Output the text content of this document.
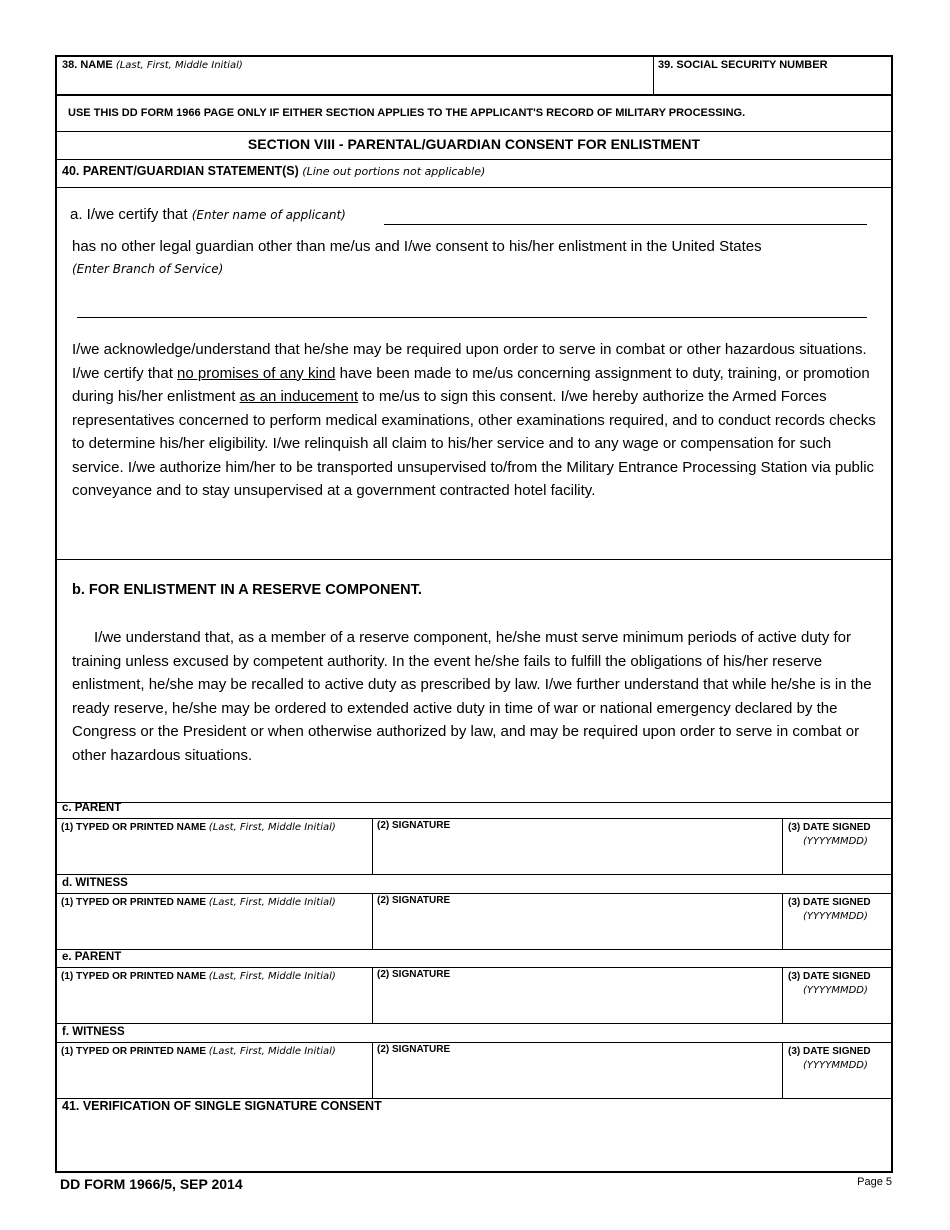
38. NAME (Last, First, Middle Initial)	39. SOCIAL SECURITY NUMBER
USE THIS DD FORM 1966 PAGE ONLY IF EITHER SECTION APPLIES TO THE APPLICANT'S RECORD OF MILITARY PROCESSING.
SECTION VIII - PARENTAL/GUARDIAN CONSENT FOR ENLISTMENT
40. PARENT/GUARDIAN STATEMENT(S) (Line out portions not applicable)
a. I/we certify that (Enter name of applicant)
has no other legal guardian other than me/us and I/we consent to his/her enlistment in the United States
(Enter Branch of Service)
I/we acknowledge/understand that he/she may be required upon order to serve in combat or other hazardous situations. I/we certify that no promises of any kind have been made to me/us concerning assignment to duty, training, or promotion during his/her enlistment as an inducement to me/us to sign this consent. I/we hereby authorize the Armed Forces representatives concerned to perform medical examinations, other examinations required, and to conduct records checks to determine his/her eligibility. I/we relinquish all claim to his/her service and to any wage or compensation for such service. I/we authorize him/her to be transported unsupervised to/from the Military Entrance Processing Station via public conveyance and to stay unsupervised at a government contracted hotel facility.
b. FOR ENLISTMENT IN A RESERVE COMPONENT.
I/we understand that, as a member of a reserve component, he/she must serve minimum periods of active duty for training unless excused by competent authority. In the event he/she fails to fulfill the obligations of his/her reserve enlistment, he/she may be recalled to active duty as prescribed by law. I/we further understand that while he/she is in the ready reserve, he/she may be ordered to extended active duty in time of war or national emergency declared by the Congress or the President or when otherwise authorized by law, and may be required upon order to serve in combat or other hazardous situations.
41. VERIFICATION OF SINGLE SIGNATURE CONSENT
c. PARENT
(1) TYPED OR PRINTED NAME (Last, First, Middle Initial)	(2) SIGNATURE	(3) DATE SIGNED
(YYYYMMDD)
d. WITNESS
(1) TYPED OR PRINTED NAME (Last, First, Middle Initial)	(2) SIGNATURE	(3) DATE SIGNED
(YYYYMMDD)
e. PARENT
(1) TYPED OR PRINTED NAME (Last, First, Middle Initial)	(2) SIGNATURE	(3) DATE SIGNED
(YYYYMMDD)
f. WITNESS
(1) TYPED OR PRINTED NAME (Last, First, Middle Initial)	(2) SIGNATURE	(3) DATE SIGNED
(YYYYMMDD)
DD FORM 1966/5, SEP 2014	Page 5
